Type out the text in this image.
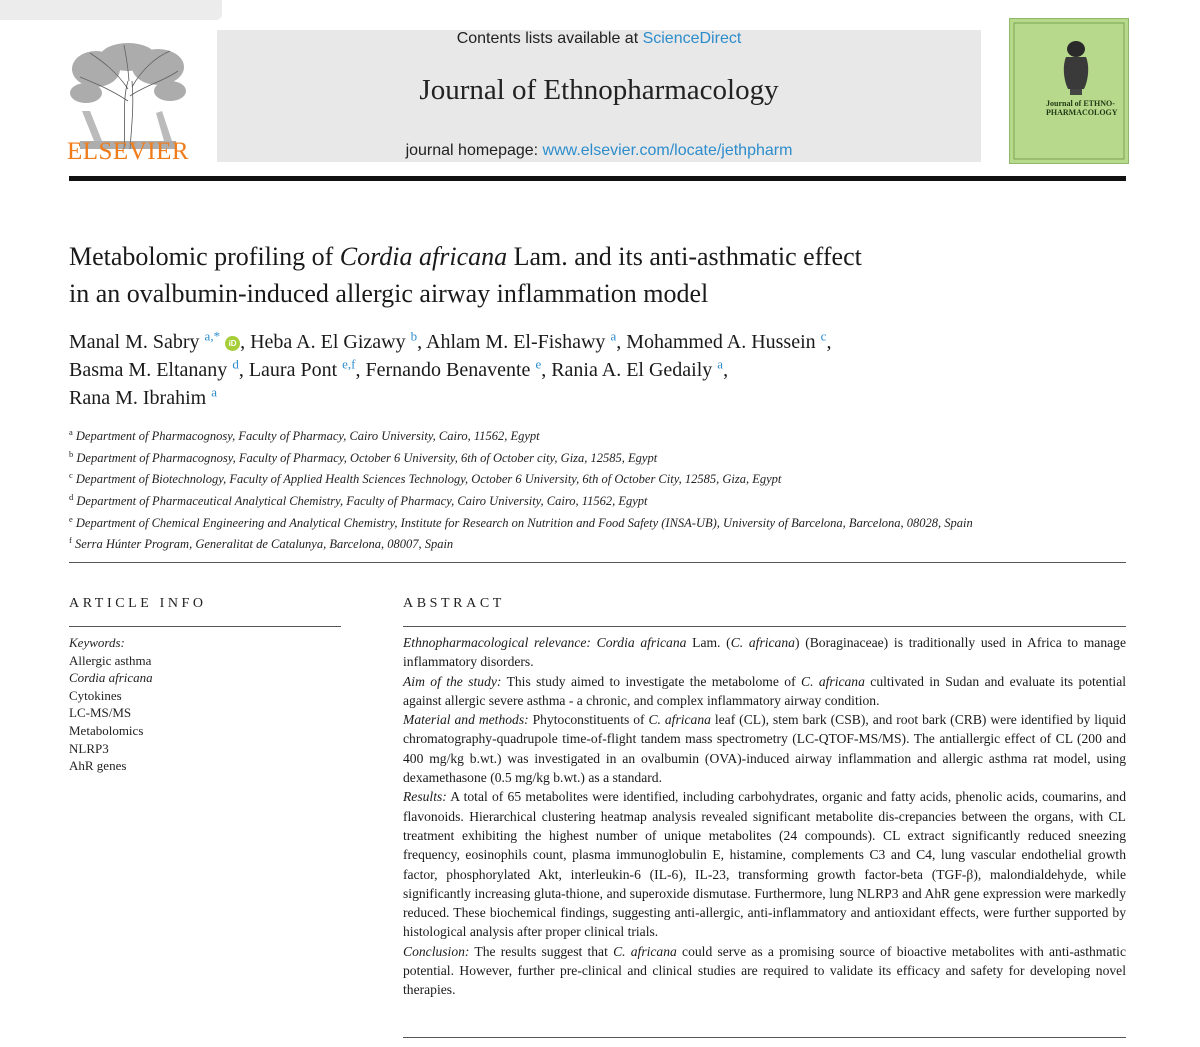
ELSEVIER
Contents lists available at ScienceDirect
Journal of Ethnopharmacology
journal homepage: www.elsevier.com/locate/jethpharm
Journal of ETHNO-PHARMACOLOGY
Metabolomic profiling of Cordia africana Lam. and its anti-asthmatic effect
in an ovalbumin-induced allergic airway inflammation model
Manal M. Sabry $^{a,*}$ iD , Heba A. El Gizawy $^b$, Ahlam M. El-Fishawy $^a$, Mohammed A. Hussein $^c$,
Basma M. Eltanany $^d$, Laura Pont $^{e,f}$, Fernando Benavente $^e$, Rania A. El Gedaily $^a$,
Rana M. Ibrahim $^a$
$^a$ Department of Pharmacognosy, Faculty of Pharmacy, Cairo University, Cairo, 11562, Egypt
$^b$ Department of Pharmacognosy, Faculty of Pharmacy, October 6 University, 6th of October city, Giza, 12585, Egypt
$^c$ Department of Biotechnology, Faculty of Applied Health Sciences Technology, October 6 University, 6th of October City, 12585, Giza, Egypt
$^d$ Department of Pharmaceutical Analytical Chemistry, Faculty of Pharmacy, Cairo University, Cairo, 11562, Egypt
$^e$ Department of Chemical Engineering and Analytical Chemistry, Institute for Research on Nutrition and Food Safety (INSA-UB), University of Barcelona, Barcelona, 08028, Spain
$^f$ Serra Húnter Program, Generalitat de Catalunya, Barcelona, 08007, Spain
ARTICLE INFO
Keywords:
Allergic asthma
Cordia africana
Cytokines
LC-MS/MS
Metabolomics
NLRP3
AhR genes
ABSTRACT

Ethnopharmacological relevance: Cordia africana Lam. (C. africana) (Boraginaceae) is traditionally used in Africa to manage inflammatory disorders.

Aim of the study: This study aimed to investigate the metabolome of C. africana cultivated in Sudan and evaluate its potential against allergic severe asthma - a chronic, and complex inflammatory airway condition.

Material and methods: Phytoconstituents of C. africana leaf (CL), stem bark (CSB), and root bark (CRB) were identified by liquid chromatography-quadrupole time-of-flight tandem mass spectrometry (LC-QTOF-MS/MS). The antiallergic effect of CL (200 and 400 mg/kg b.wt.) was investigated in an ovalbumin (OVA)-induced airway inflammation and allergic asthma rat model, using dexamethasone (0.5 mg/kg b.wt.) as a standard.

Results: A total of 65 metabolites were identified, including carbohydrates, organic and fatty acids, phenolic acids, coumarins, and flavonoids. Hierarchical clustering heatmap analysis revealed significant metabolite dis-crepancies between the organs, with CL treatment exhibiting the highest number of unique metabolites (24 compounds). CL extract significantly reduced sneezing frequency, eosinophils count, plasma immunoglobulin E, histamine, complements C3 and C4, lung vascular endothelial growth factor, phosphorylated Akt, interleukin-6 (IL-6), IL-23, transforming growth factor-beta (TGF-β), malondialdehyde, while significantly increasing gluta-thione, and superoxide dismutase. Furthermore, lung NLRP3 and AhR gene expression were markedly reduced. These biochemical findings, suggesting anti-allergic, anti-inflammatory and antioxidant effects, were further supported by histological analysis after proper clinical trials.

Conclusion: The results suggest that C. africana could serve as a promising source of bioactive metabolites with anti-asthmatic potential. However, further pre-clinical and clinical studies are required to validate its efficacy and safety for developing novel therapies.
